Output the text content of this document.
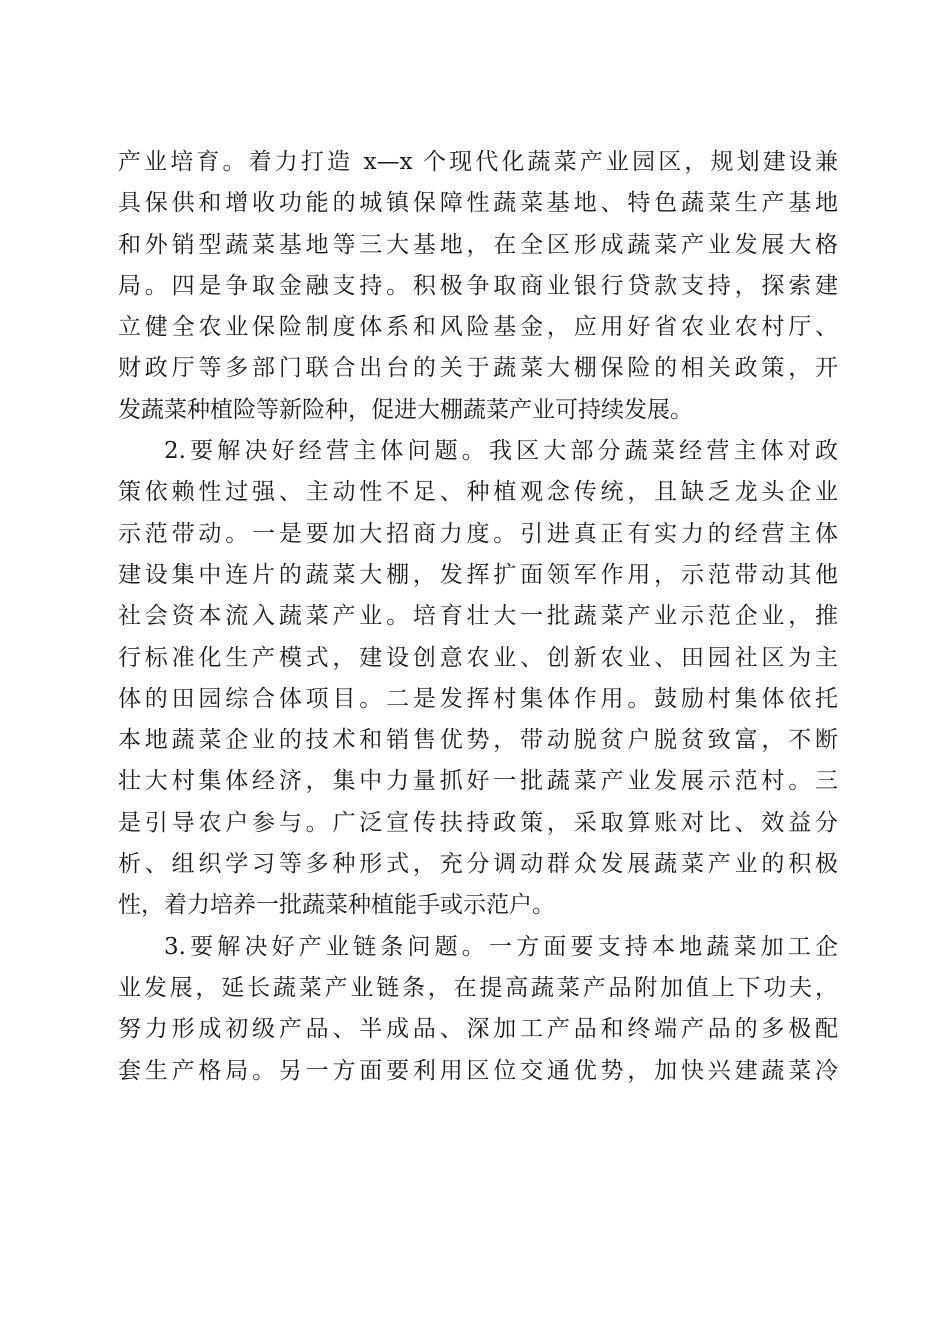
产业培育。着力打造 x—x 个现代化蔬菜产业园区，规划建设兼
具保供和增收功能的城镇保障性蔬菜基地、特色蔬菜生产基地
和外销型蔬菜基地等三大基地，在全区形成蔬菜产业发展大格
局。四是争取金融支持。积极争取商业银行贷款支持，探索建
立健全农业保险制度体系和风险基金，应用好省农业农村厅、
财政厅等多部门联合出台的关于蔬菜大棚保险的相关政策，开
发蔬菜种植险等新险种，促进大棚蔬菜产业可持续发展。
2.要解决好经营主体问题。我区大部分蔬菜经营主体对政
策依赖性过强、主动性不足、种植观念传统，且缺乏龙头企业
示范带动。一是要加大招商力度。引进真正有实力的经营主体
建设集中连片的蔬菜大棚，发挥扩面领军作用，示范带动其他
社会资本流入蔬菜产业。培育壮大一批蔬菜产业示范企业，推
行标准化生产模式，建设创意农业、创新农业、田园社区为主
体的田园综合体项目。二是发挥村集体作用。鼓励村集体依托
本地蔬菜企业的技术和销售优势，带动脱贫户脱贫致富，不断
壮大村集体经济，集中力量抓好一批蔬菜产业发展示范村。三
是引导农户参与。广泛宣传扶持政策，采取算账对比、效益分
析、组织学习等多种形式，充分调动群众发展蔬菜产业的积极
性，着力培养一批蔬菜种植能手或示范户。
3.要解决好产业链条问题。一方面要支持本地蔬菜加工企
业发展，延长蔬菜产业链条，在提高蔬菜产品附加值上下功夫，
努力形成初级产品、半成品、深加工产品和终端产品的多极配
套生产格局。另一方面要利用区位交通优势，加快兴建蔬菜冷
